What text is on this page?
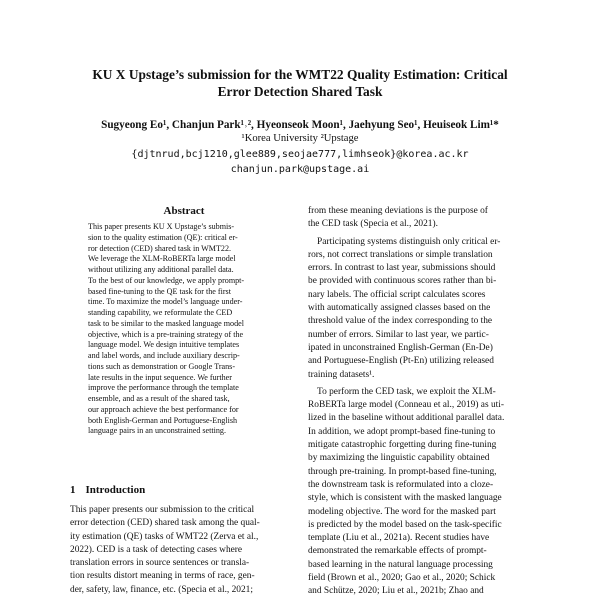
KU X Upstage’s submission for the WMT22 Quality Estimation: Critical
Error Detection Shared Task
Sugyeong Eo¹, Chanjun Park¹˒², Hyeonseok Moon¹, Jaehyung Seo¹, Heuiseok Lim¹*
¹Korea University ²Upstage
{djtnrud,bcj1210,glee889,seojae777,limhseok}@korea.ac.kr
chanjun.park@upstage.ai
Abstract
This paper presents KU X Upstage’s submis-
sion to the quality estimation (QE): critical er-
ror detection (CED) shared task in WMT22.
We leverage the XLM-RoBERTa large model
without utilizing any additional parallel data.
To the best of our knowledge, we apply prompt-
based fine-tuning to the QE task for the first
time. To maximize the model’s language under-
standing capability, we reformulate the CED
task to be similar to the masked language model
objective, which is a pre-training strategy of the
language model. We design intuitive templates
and label words, and include auxiliary descrip-
tions such as demonstration or Google Trans-
late results in the input sequence. We further
improve the performance through the template
ensemble, and as a result of the shared task,
our approach achieve the best performance for
both English-German and Portuguese-English
language pairs in an unconstrained setting.
1 Introduction
This paper presents our submission to the critical
error detection (CED) shared task among the qual-
ity estimation (QE) tasks of WMT22 (Zerva et al.,
2022). CED is a task of detecting cases where
translation errors in source sentences or transla-
tion results distort meaning in terms of race, gen-
der, safety, law, finance, etc. (Specia et al., 2021;
from these meaning deviations is the purpose of
the CED task (Specia et al., 2021).
Participating systems distinguish only critical er-
rors, not correct translations or simple translation
errors. In contrast to last year, submissions should
be provided with continuous scores rather than bi-
nary labels. The official script calculates scores
with automatically assigned classes based on the
threshold value of the index corresponding to the
number of errors. Similar to last year, we partic-
ipated in unconstrained English-German (En-De)
and Portuguese-English (Pt-En) utilizing released
training datasets¹.
To perform the CED task, we exploit the XLM-
RoBERTa large model (Conneau et al., 2019) as uti-
lized in the baseline without additional parallel data.
In addition, we adopt prompt-based fine-tuning to
mitigate catastrophic forgetting during fine-tuning
by maximizing the linguistic capability obtained
through pre-training. In prompt-based fine-tuning,
the downstream task is reformulated into a cloze-
style, which is consistent with the masked language
modeling objective. The word for the masked part
is predicted by the model based on the task-specific
template (Liu et al., 2021a). Recent studies have
demonstrated the remarkable effects of prompt-
based learning in the natural language processing
field (Brown et al., 2020; Gao et al., 2020; Schick
and Schütze, 2020; Liu et al., 2021b; Zhao and
